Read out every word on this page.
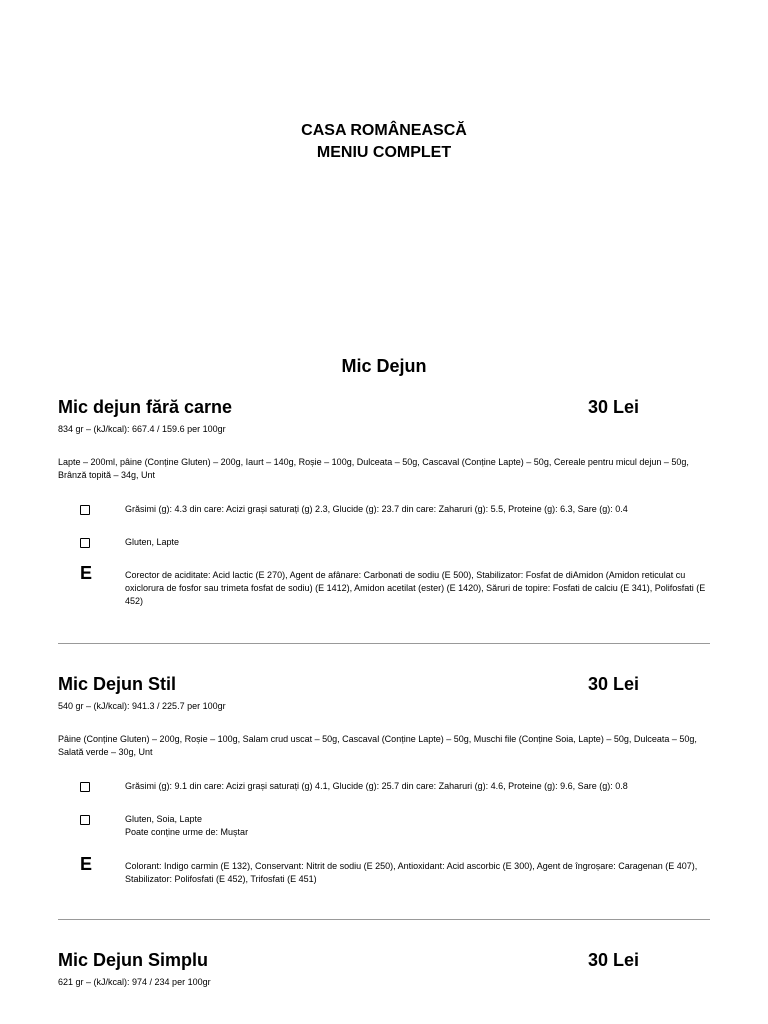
CASA ROMÂNEASCĂ
MENIU COMPLET
Mic Dejun
Mic dejun fără carne	30 Lei
834 gr – (kJ/kcal): 667.4 / 159.6 per 100gr
Lapte – 200ml, pâine (Conține Gluten) – 200g, Iaurt – 140g, Roșie – 100g, Dulceata – 50g, Cascaval (Conține Lapte) – 50g, Cereale pentru micul dejun – 50g, Brânză topită – 34g, Unt
Grăsimi (g): 4.3 din care: Acizi grași saturați (g) 2.3, Glucide (g): 23.7 din care: Zaharuri (g): 5.5, Proteine (g): 6.3, Sare (g): 0.4
Gluten, Lapte
E	Corector de aciditate: Acid lactic (E 270), Agent de afânare: Carbonati de sodiu (E 500), Stabilizator: Fosfat de diAmidon (Amidon reticulat cu oxiclorura de fosfor sau trimeta fosfat de sodiu) (E 1412), Amidon acetilat (ester) (E 1420), Săruri de topire: Fosfati de calciu (E 341), Polifosfati (E 452)
Mic Dejun Stil	30 Lei
540 gr – (kJ/kcal): 941.3 / 225.7 per 100gr
Pâine (Conține Gluten) – 200g, Roșie – 100g, Salam crud uscat – 50g, Cascaval (Conține Lapte) – 50g, Muschi file (Conține Soia, Lapte) – 50g, Dulceata – 50g, Salată verde – 30g, Unt
Grăsimi (g): 9.1 din care: Acizi grași saturați (g) 4.1, Glucide (g): 25.7 din care: Zaharuri (g): 4.6, Proteine (g): 9.6, Sare (g): 0.8
Gluten, Soia, Lapte
Poate conține urme de: Muștar
E	Colorant: Indigo carmin (E 132), Conservant: Nitrit de sodiu (E 250), Antioxidant: Acid ascorbic (E 300), Agent de îngroșare: Caragenan (E 407), Stabilizator: Polifosfati (E 452), Trifosfati (E 451)
Mic Dejun Simplu	30 Lei
621 gr – (kJ/kcal): 974 / 234 per 100gr
